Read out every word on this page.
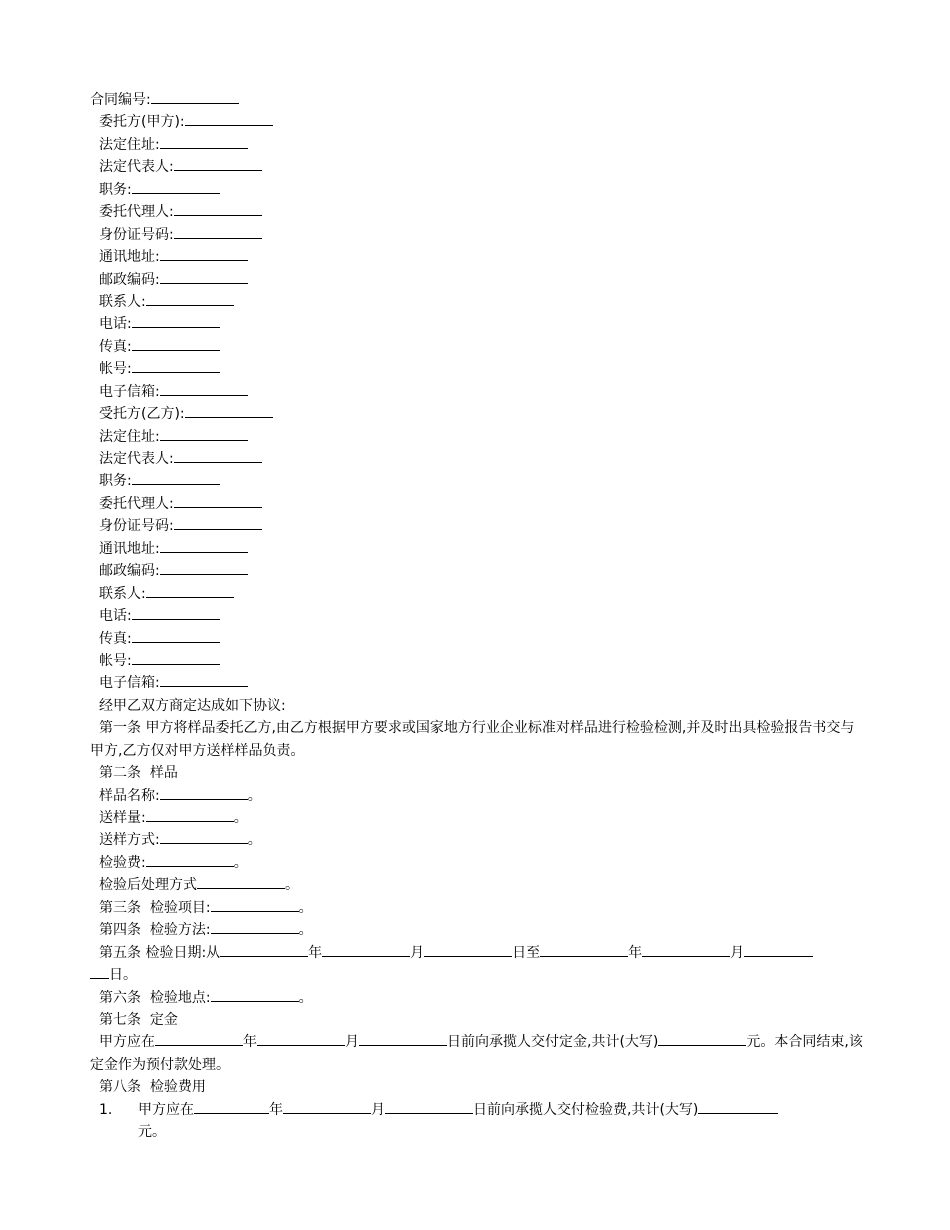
合同编号:
委托方(甲方):
法定住址:
法定代表人:
职务:
委托代理人:
身份证号码:
通讯地址:
邮政编码:
联系人:
电话:
传真:
帐号:
电子信箱:
受托方(乙方):
法定住址:
法定代表人:
职务:
委托代理人:
身份证号码:
通讯地址:
邮政编码:
联系人:
电话:
传真:
帐号:
电子信箱:
经甲乙双方商定达成如下协议:
第一条 甲方将样品委托乙方,由乙方根据甲方要求或国家地方行业企业标准对样品进行检验检测,并及时出具检验报告书交与甲方,乙方仅对甲方送样样品负责。
第二条  样品
样品名称:	。
送样量:	。
送样方式:	。
检验费:	。
检验后处理方式	。
第三条  检验项目:	。
第四条  检验方法:	。
第五条 检验日期:从	年	月	日至	年	月
日。
第六条  检验地点:	。
第七条  定金
甲方应在	年	月	日前向承揽人交付定金,共计(大写)	元。本合同结束,该定金作为预付款处理。
第八条  检验费用
1. 甲方应在	年	月	日前向承揽人交付检验费,共计(大写)
元。
